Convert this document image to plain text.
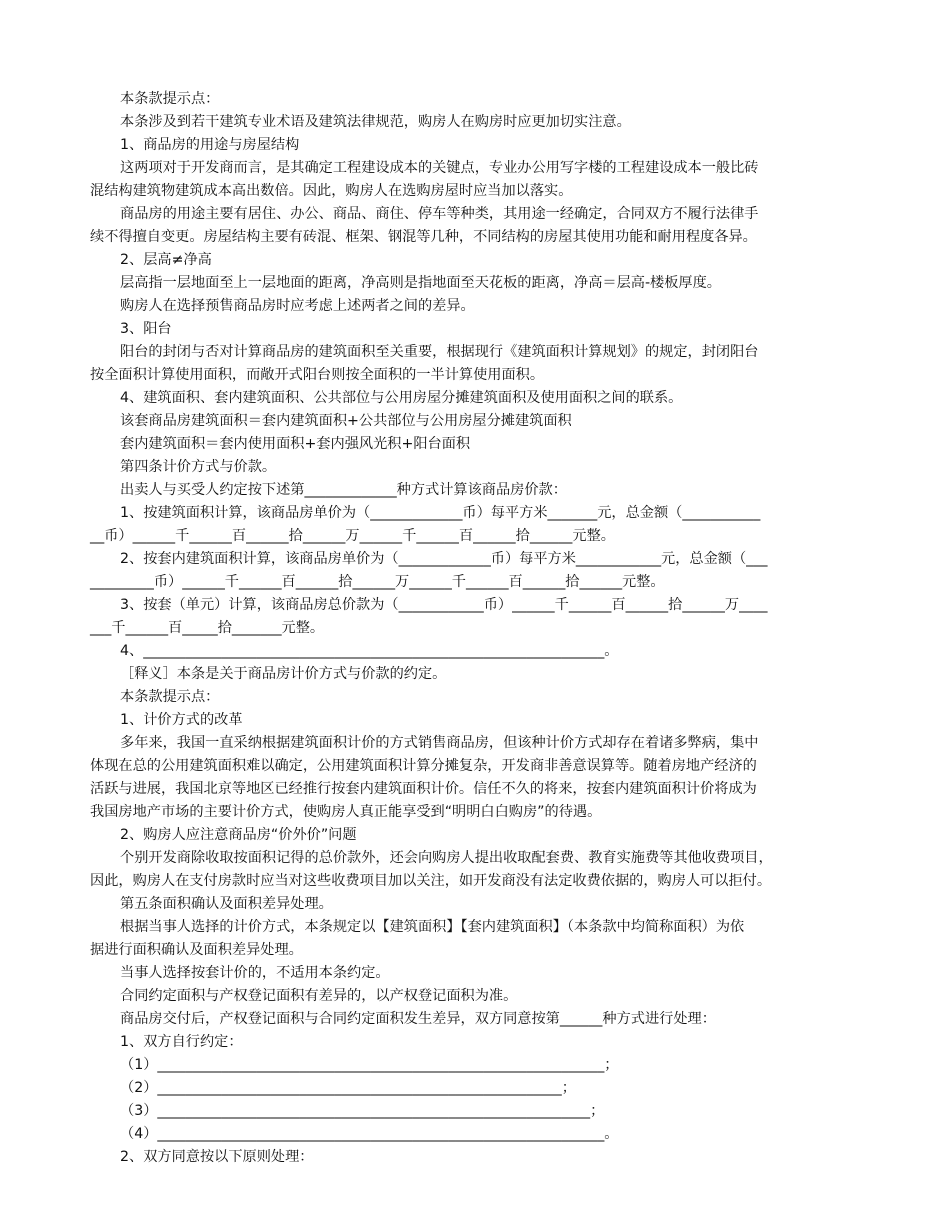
本条款提示点：

本条涉及到若干建筑专业术语及建筑法律规范，购房人在购房时应更加切实注意。

1、商品房的用途与房屋结构

这两项对于开发商而言，是其确定工程建设成本的关键点，专业办公用写字楼的工程建设成本一般比砖

混结构建筑物建筑成本高出数倍。因此，购房人在选购房屋时应当加以落实。

商品房的用途主要有居住、办公、商品、商住、停车等种类，其用途一经确定，合同双方不履行法律手

续不得擅自变更。房屋结构主要有砖混、框架、钢混等几种，不同结构的房屋其使用功能和耐用程度各异。

2、层高≠净高

层高指一层地面至上一层地面的距离，净高则是指地面至天花板的距离，净高＝层高-楼板厚度。

购房人在选择预售商品房时应考虑上述两者之间的差异。

3、阳台

阳台的封闭与否对计算商品房的建筑面积至关重要，根据现行《建筑面积计算规划》的规定，封闭阳台

按全面积计算使用面积，而敞开式阳台则按全面积的一半计算使用面积。

4、建筑面积、套内建筑面积、公共部位与公用房屋分摊建筑面积及使用面积之间的联系。

该套商品房建筑面积＝套内建筑面积+公共部位与公用房屋分摊建筑面积

套内建筑面积＝套内使用面积+套内强风光积+阳台面积

第四条计价方式与价款。

出卖人与买受人约定按下述第_____________种方式计算该商品房价款：

1、按建筑面积计算，该商品房单价为（_____________币）每平方米_______元，总金额（___________

__币）______千______百______拾______万______千______百______拾______元整。

2、按套内建筑面积计算，该商品房单价为（_____________币）每平方米____________元，总金额（___

_________币）______千______百______拾______万______千______百______拾______元整。

3、按套（单元）计算，该商品房总价款为（____________币）______千______百______拾______万____

___千______百_____拾_______元整。

4、_________________________________________________________________。

［释义］本条是关于商品房计价方式与价款的约定。

本条款提示点：

1、计价方式的改革

多年来，我国一直采纳根据建筑面积计价的方式销售商品房，但该种计价方式却存在着诸多弊病，集中

体现在总的公用建筑面积难以确定，公用建筑面积计算分摊复杂，开发商非善意误算等。随着房地产经济的

活跃与进展，我国北京等地区已经推行按套内建筑面积计价。信任不久的将来，按套内建筑面积计价将成为

我国房地产市场的主要计价方式，使购房人真正能享受到“明明白白购房”的待遇。

2、购房人应注意商品房“价外价”问题

个别开发商除收取按面积记得的总价款外，还会向购房人提出收取配套费、教育实施费等其他收费项目，

因此，购房人在支付房款时应当对这些收费项目加以关注，如开发商没有法定收费依据的，购房人可以拒付。

第五条面积确认及面积差异处理。

根据当事人选择的计价方式，本条规定以【建筑面积】【套内建筑面积】（本条款中均简称面积）为依

据进行面积确认及面积差异处理。

当事人选择按套计价的，不适用本条约定。

合同约定面积与产权登记面积有差异的，以产权登记面积为准。

商品房交付后，产权登记面积与合同约定面积发生差异，双方同意按第______种方式进行处理：

1、双方自行约定：

（1）_______________________________________________________________；

（2）_________________________________________________________；

（3）_____________________________________________________________；

（4）_______________________________________________________________。

2、双方同意按以下原则处理：
